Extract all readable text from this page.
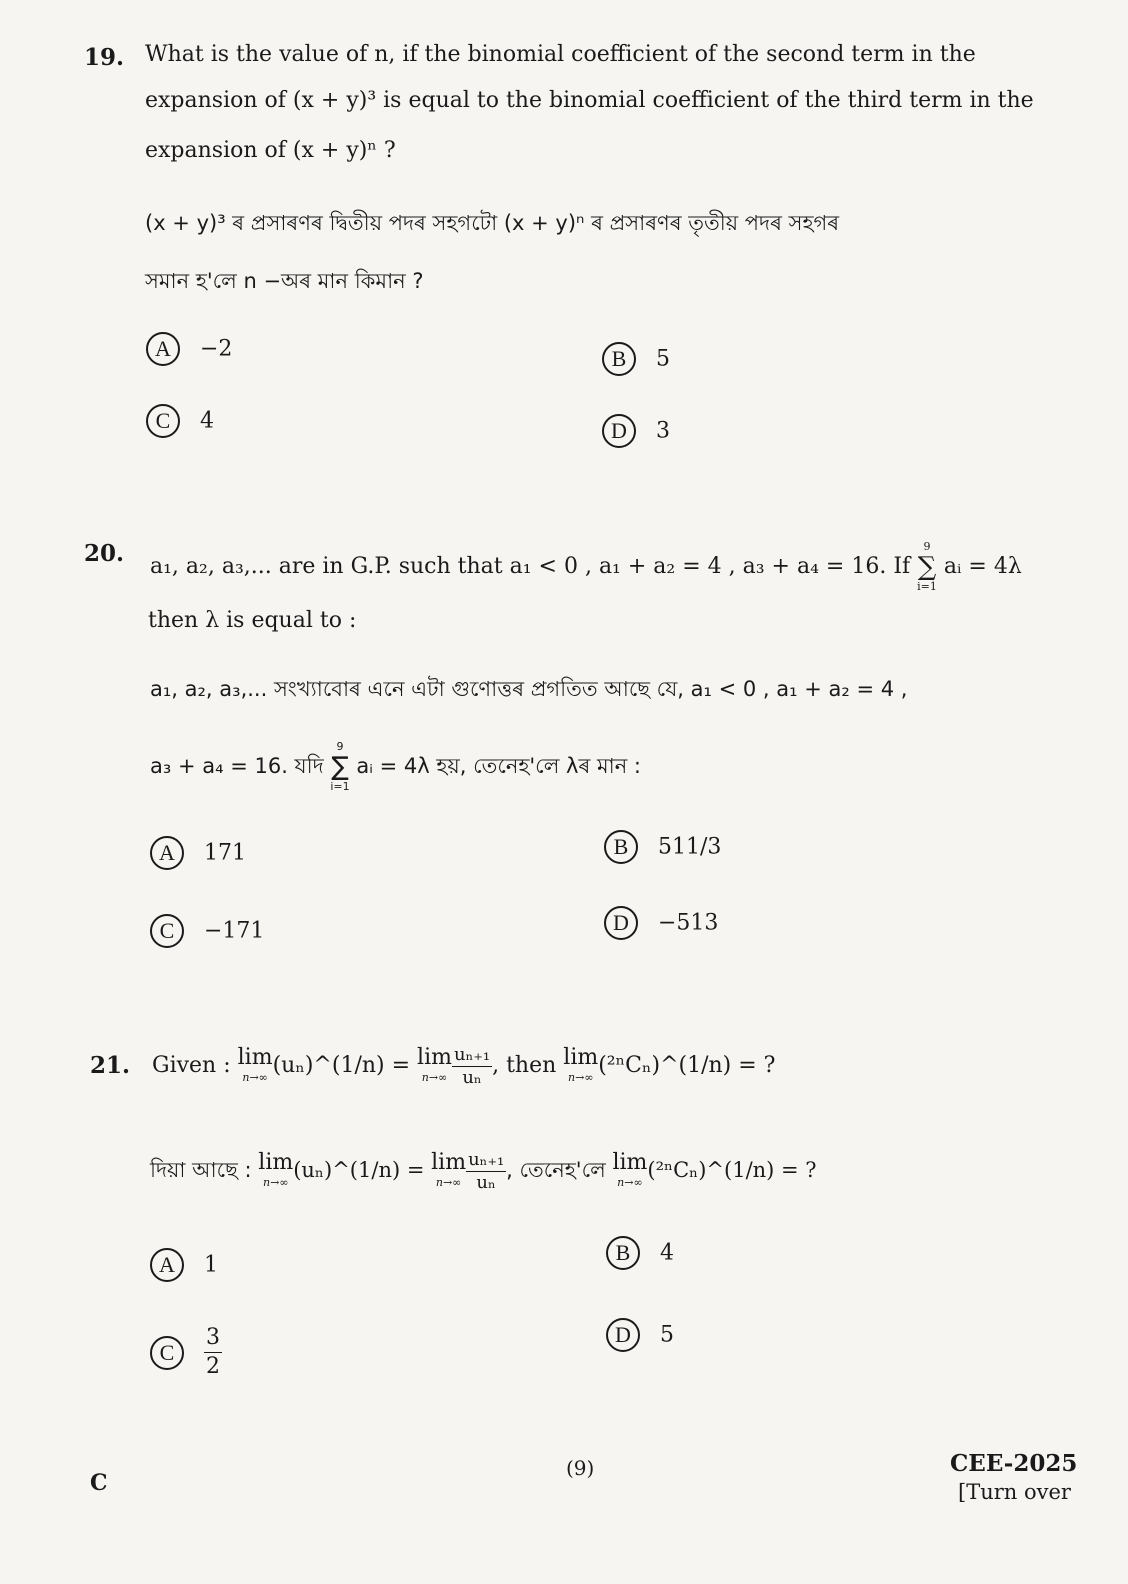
19. What is the value of n, if the binomial coefficient of the second term in the
expansion of (x + y)³ is equal to the binomial coefficient of the third term in the
expansion of (x + y)ⁿ ?
(x + y)³ ৰ প্ৰসাৰণৰ দ্বিতীয় পদৰ সহগটো (x + y)ⁿ ৰ প্ৰসাৰণৰ তৃতীয় পদৰ সহগৰ
সমান হ'লে n −অৰ মান কিমান ?
A −2	B 5
C 4	D 3
20. a₁, a₂, a₃,... are in G.P. such that a₁ < 0 , a₁ + a₂ = 4 , a₃ + a₄ = 16. If
9
∑
i=1
aᵢ = 4λ
then λ is equal to :
a₁, a₂, a₃,... সংখ্যাবোৰ এনে এটা গুণোত্তৰ প্ৰগতিত আছে যে, a₁ < 0 , a₁ + a₂ = 4 ,
a₃ + a₄ = 16. যদি
9
∑
i=1
aᵢ = 4λ হয়, তেনেহ'লে λৰ মান :
A 171	B 511/3
C −171	D −513
21. Given : lim
n→∞ (uₙ)^(1/n) = lim
$n\to\infty \frac{\text{uₙ₊₁}}{\text{uₙ}}$ , then lim
n→∞ (²ⁿCₙ)^(1/n) = ?
দিয়া আছে : lim
n→∞
(uₙ)^(1/n) = lim
$n\to\infty \frac{\text{uₙ₊₁}}{\text{uₙ}}$ , তেনেহ'লে lim
n→∞
(²ⁿCₙ)^(1/n) = ?
A 1	B 4
C $\frac{3}{2}$	D 5
C
(9)	CEE-2025
[Turn over
